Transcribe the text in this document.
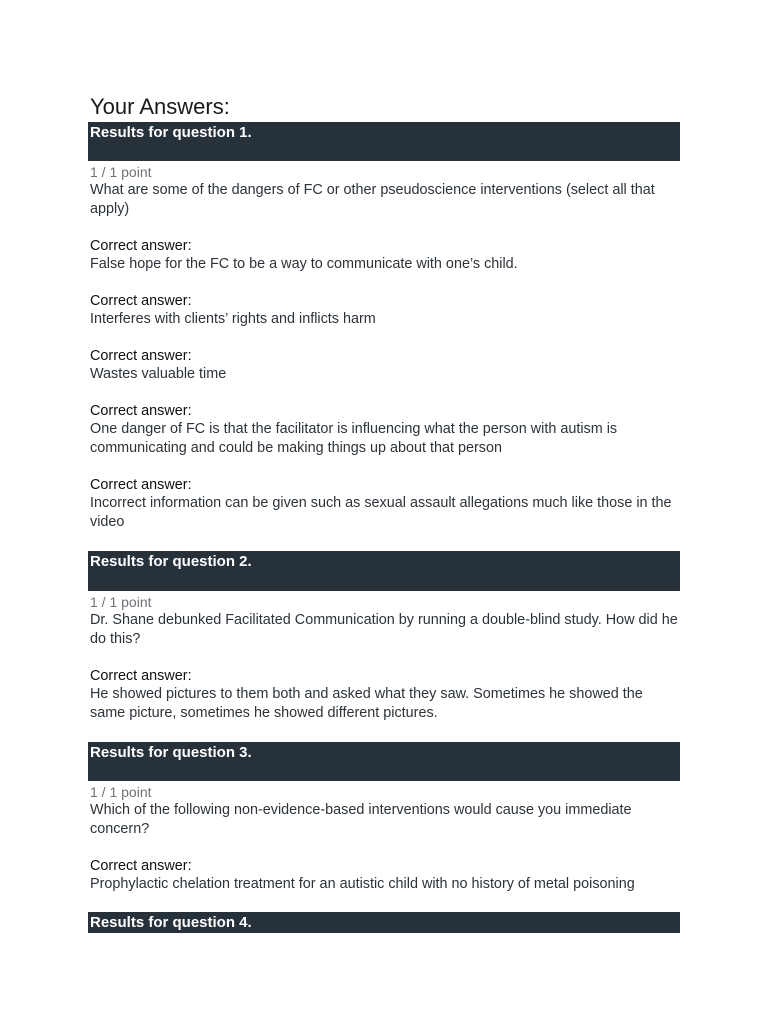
Your Answers:
Results for question 1.
1 / 1 point
What are some of the dangers of FC or other pseudoscience interventions (select all that apply)
Correct answer:
False hope for the FC to be a way to communicate with one’s child.
Correct answer:
Interferes with clients’ rights and inflicts harm
Correct answer:
Wastes valuable time
Correct answer:
One danger of FC is that the facilitator is influencing what the person with autism is communicating and could be making things up about that person
Correct answer:
Incorrect information can be given such as sexual assault allegations much like those in the video
Results for question 2.
1 / 1 point
Dr. Shane debunked Facilitated Communication by running a double-blind study. How did he do this?
Correct answer:
He showed pictures to them both and asked what they saw. Sometimes he showed the same picture, sometimes he showed different pictures.
Results for question 3.
1 / 1 point
Which of the following non-evidence-based interventions would cause you immediate concern?
Correct answer:
Prophylactic chelation treatment for an autistic child with no history of metal poisoning
Results for question 4.
